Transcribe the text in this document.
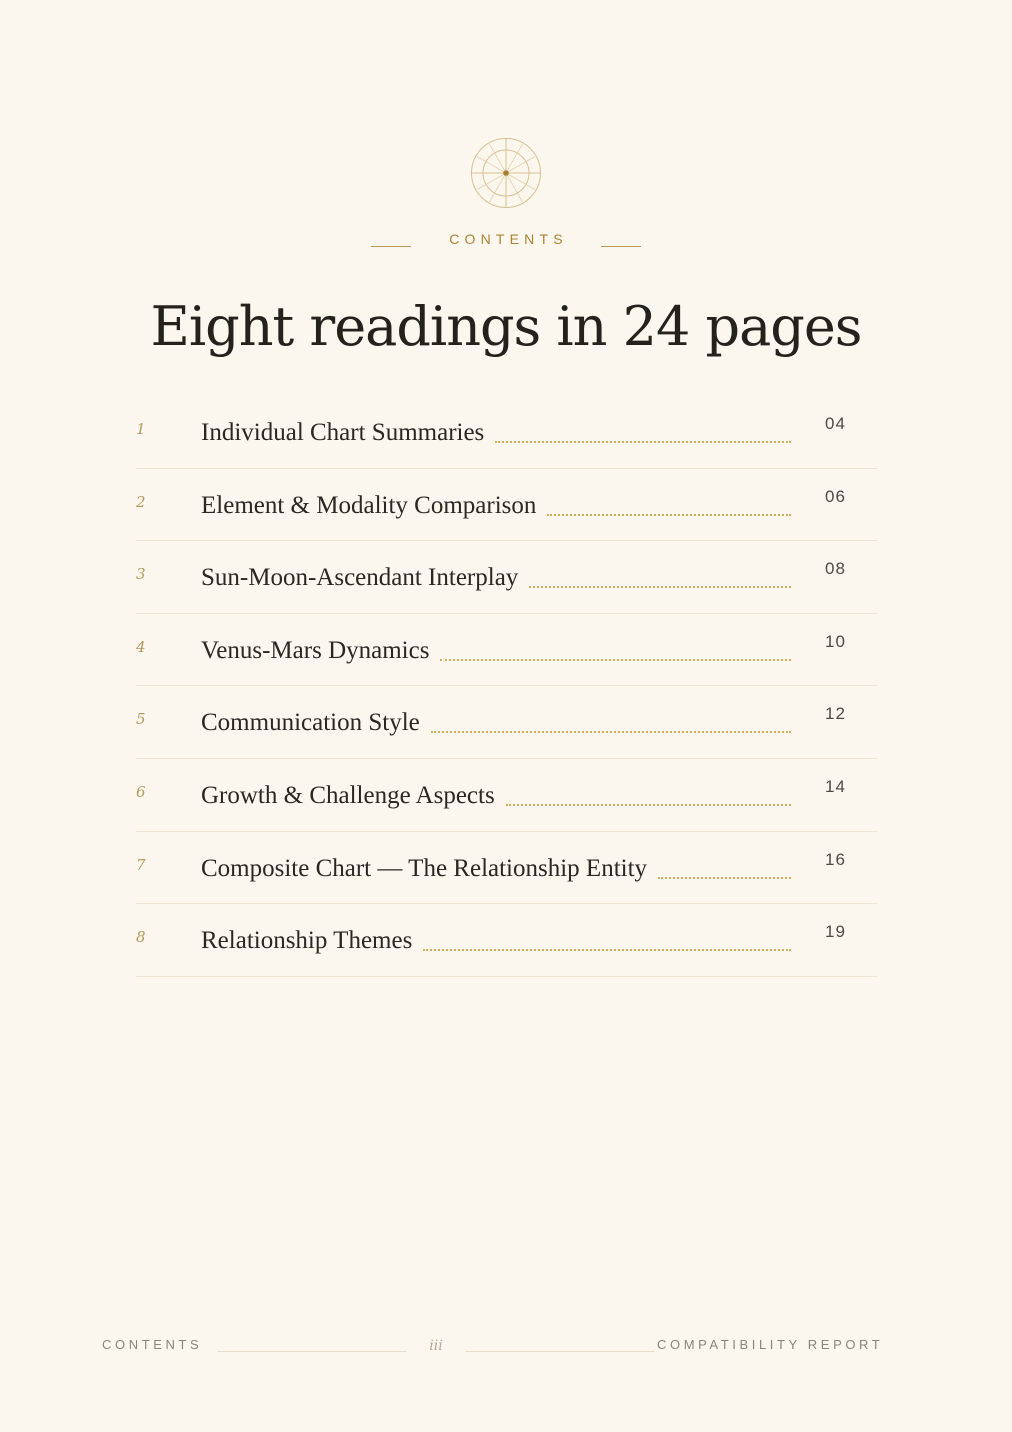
CONTENTS
Eight readings in 24 pages
1 Individual Chart Summaries	04
2 Element & Modality Comparison	06
3 Sun-Moon-Ascendant Interplay	08
4 Venus-Mars Dynamics	10
5 Communication Style	12
6 Growth & Challenge Aspects	14
7 Composite Chart — The Relationship Entity	16
8 Relationship Themes	19
CONTENTS	iii	COMPATIBILITY REPORT
